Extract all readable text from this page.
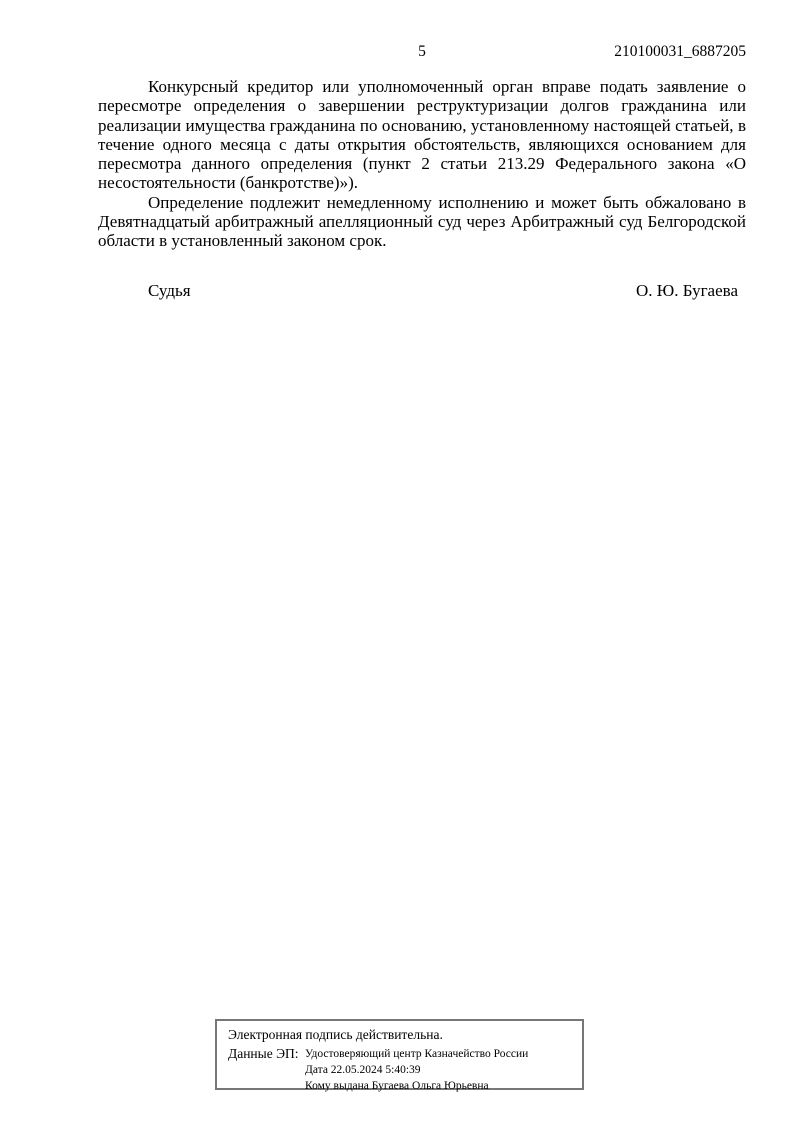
5	210100031_6887205

Конкурсный кредитор или уполномоченный орган вправе подать заявление о пересмотре определения о завершении реструктуризации долгов гражданина или реализации имущества гражданина по основанию, установленному настоящей статьей, в течение одного месяца с даты открытия обстоятельств, являющихся основанием для пересмотра данного определения (пункт 2 статьи 213.29 Федерального закона «О несостоятельности (банкротстве)»).

Определение подлежит немедленному исполнению и может быть обжаловано в Девятнадцатый арбитражный апелляционный суд через Арбитражный суд Белгородской области в установленный законом срок.

Судья	О. Ю. Бугаева
Электронная подпись действительна.
Данные ЭП: Удостоверяющий центр Казначейство России
Дата 22.05.2024 5:40:39
Кому выдана Бугаева Ольга Юрьевна
